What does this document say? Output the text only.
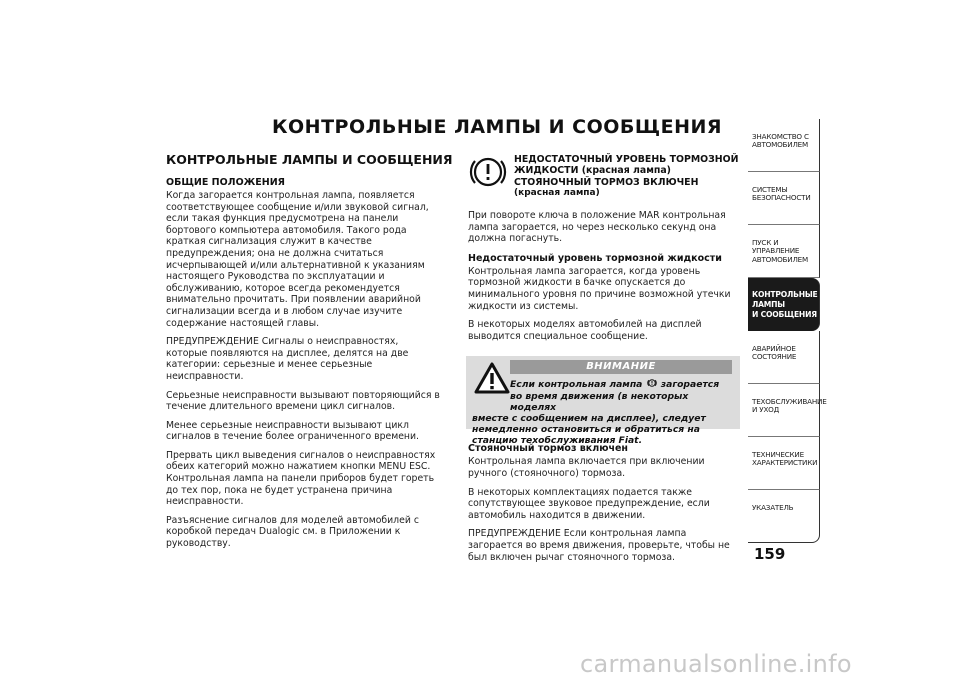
КОНТРОЛЬНЫЕ ЛАМПЫ И СООБЩЕНИЯ
КОНТРОЛЬНЫЕ ЛАМПЫ И СООБЩЕНИЯ
ОБЩИЕ ПОЛОЖЕНИЯ

Когда загорается контрольная лампа, появляется соответствующее сообщение и/или звуковой сигнал, если такая функция предусмотрена на панели бортового компьютера автомобиля. Такого рода краткая сигнализация служит в качестве предупреждения; она не должна считаться исчерпывающей и/или альтернативной к указаниям настоящего Руководства по эксплуатации и обслуживанию, которое всегда рекомендуется внимательно прочитать. При появлении аварийной сигнализации всегда и в любом случае изучите содержание настоящей главы.

ПРЕДУПРЕЖДЕНИЕ Сигналы о неисправностях, которые появляются на дисплее, делятся на две категории: серьезные и менее серьезные неисправности.

Серьезные неисправности вызывают повторяющийся в течение длительного времени цикл сигналов.

Менее серьезные неисправности вызывают цикл сигналов в течение более ограниченного времени.

Прервать цикл выведения сигналов о неисправностях обеих категорий можно нажатием кнопки MENU ESC. Контрольная лампа на панели приборов будет гореть до тех пор, пока не будет устранена причина неисправности.

Разъяснение сигналов для моделей автомобилей с коробкой передач Dualogic см. в Приложении к руководству.

НЕДОСТАТОЧНЫЙ УРОВЕНЬ ТОРМОЗНОЙ
ЖИДКОСТИ (красная лампа)
СТОЯНОЧНЫЙ ТОРМОЗ ВКЛЮЧЕН
(красная лампа)

При повороте ключа в положение MAR контрольная лампа загорается, но через несколько секунд она должна погаснуть.

Недостаточный уровень тормозной жидкости

Контрольная лампа загорается, когда уровень тормозной жидкости в бачке опускается до минимального уровня по причине возможной утечки жидкости из системы.

В некоторых моделях автомобилей на дисплей выводится специальное сообщение.

ВНИМАНИЕ
Если контрольная лампа загорается
во время движения (в некоторых моделях
вместе с сообщением на дисплее), следует немедленно остановиться и обратиться на станцию техобслуживания Fiat.
Стояночный тормоз включен

Контрольная лампа включается при включении ручного (стояночного) тормоза.

В некоторых комплектациях подается также сопутствующее звуковое предупреждение, если автомобиль находится в движении.

ПРЕДУПРЕЖДЕНИЕ Если контрольная лампа загорается во время движения, проверьте, чтобы не был включен рычаг стояночного тормоза.

ЗНАКОМСТВО С
АВТОМОБИЛЕМ
СИСТЕМЫ
БЕЗОПАСНОСТИ
ПУСК И УПРАВЛЕНИЕ
АВТОМОБИЛЕМ
КОНТРОЛЬНЫЕ
ЛАМПЫ
И СООБЩЕНИЯ
АВАРИЙНОЕ
СОСТОЯНИЕ
ТЕХОБСЛУЖИВАНИЕ
И УХОД
ТЕХНИЧЕСКИЕ
ХАРАКТЕРИСТИКИ
УКАЗАТЕЛЬ
159
carmanualsonline.info
